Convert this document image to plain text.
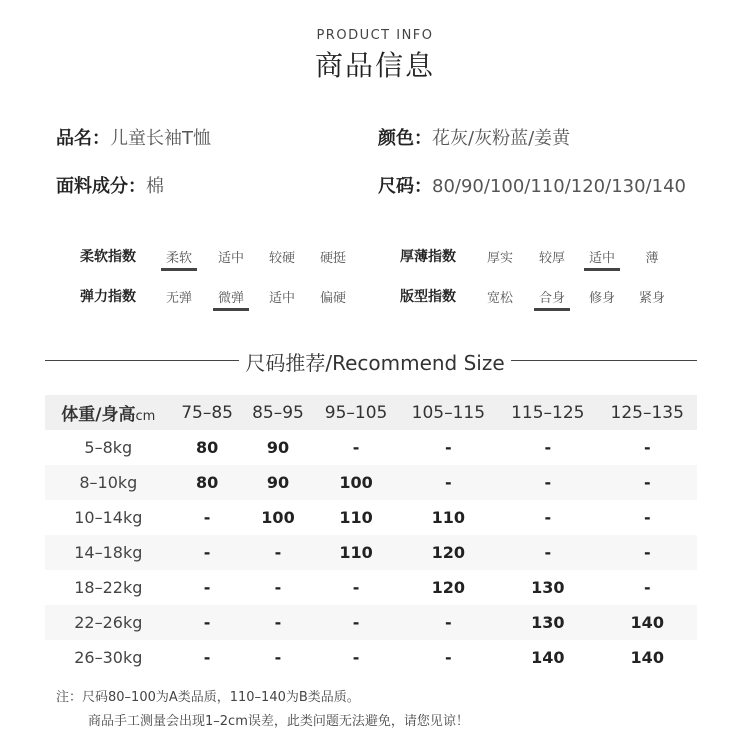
PRODUCT INFO
商品信息
品名：儿童长袖T恤	颜色：花灰/灰粉蓝/姜黄
面料成分：棉	尺码：80/90/100/110/120/130/140
柔软指数	柔软	适中	较硬	硬挺	厚薄指数	厚实	较厚	适中	薄
弹力指数	无弹	微弹	适中	偏硬	版型指数	宽松	合身	修身	紧身
尺码推荐/Recommend Size
体重/身高cm	75–85	85–95	95–105	105–115	115–125	125–135
5–8kg	80	90	-	-	-	-
8–10kg	80	90	100	-	-	-
10–14kg	-	100	110	110	-	-
14–18kg	-	-	110	120	-	-
18–22kg	-	-	-	120	130	-
22–26kg	-	-	-	-	130	140
26–30kg	-	-	-	-	140	140
注：尺码80–100为A类品质，110–140为B类品质。
商品手工测量会出现1–2cm误差，此类问题无法避免，请您见谅！
